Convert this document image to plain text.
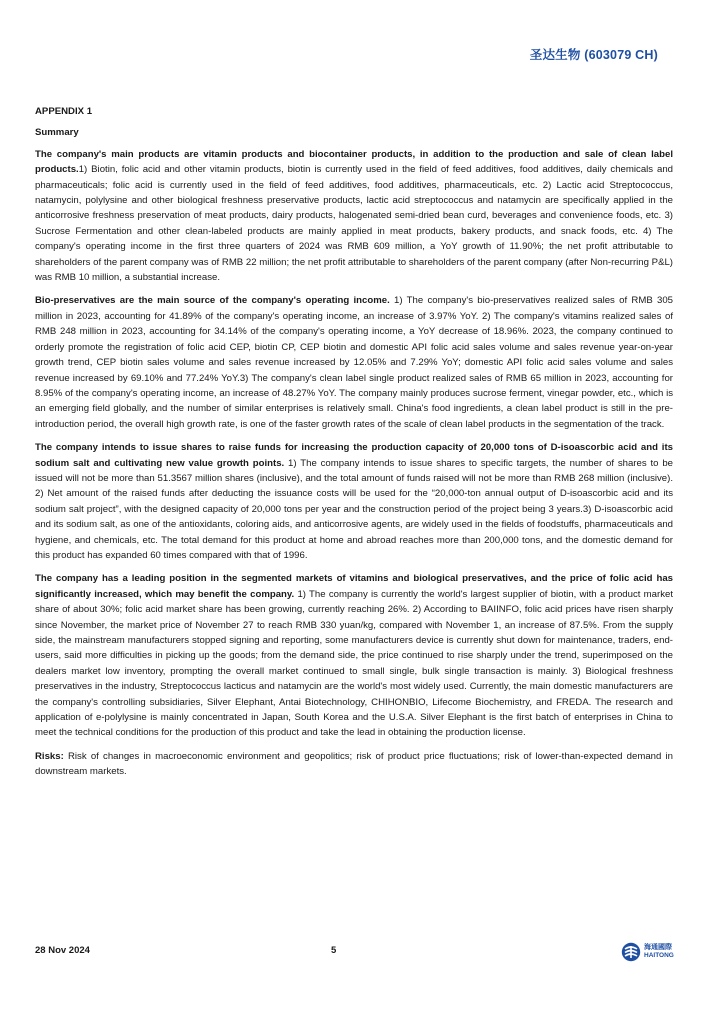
圣达生物 (603079 CH)
APPENDIX 1
Summary

The company's main products are vitamin products and biocontainer products, in addition to the production and sale of clean label products.1) Biotin, folic acid and other vitamin products, biotin is currently used in the field of feed additives, food additives, daily chemicals and pharmaceuticals; folic acid is currently used in the field of feed additives, food additives, pharmaceuticals, etc. 2) Lactic acid Streptococcus, natamycin, polylysine and other biological freshness preservative products, lactic acid streptococcus and natamycin are specifically applied in the anticorrosive freshness preservation of meat products, dairy products, halogenated semi-dried bean curd, beverages and convenience foods, etc. 3) Sucrose Fermentation and other clean-labeled products are mainly applied in meat products, bakery products, and snack foods, etc. 4) The company's operating income in the first three quarters of 2024 was RMB 609 million, a YoY growth of 11.90%; the net profit attributable to shareholders of the parent company was of RMB 22 million; the net profit attributable to shareholders of the parent company (after Non-recurring P&L) was RMB 10 million, a substantial increase.

Bio-preservatives are the main source of the company's operating income. 1) The company's bio-preservatives realized sales of RMB 305 million in 2023, accounting for 41.89% of the company's operating income, an increase of 3.97% YoY. 2) The company's vitamins realized sales of RMB 248 million in 2023, accounting for 34.14% of the company's operating income, a YoY decrease of 18.96%. 2023, the company continued to orderly promote the registration of folic acid CEP, biotin CP, CEP biotin and domestic API folic acid sales volume and sales revenue year-on-year growth trend, CEP biotin sales volume and sales revenue increased by 12.05% and 7.29% YoY; domestic API folic acid sales volume and sales revenue increased by 69.10% and 77.24% YoY.3) The company's clean label single product realized sales of RMB 65 million in 2023, accounting for 8.95% of the company's operating income, an increase of 48.27% YoY. The company mainly produces sucrose ferment, vinegar powder, etc., which is an emerging field globally, and the number of similar enterprises is relatively small. China's food ingredients, a clean label product is still in the pre-introduction period, the overall high growth rate, is one of the faster growth rates of the scale of clean label products in the segmentation of the track.

The company intends to issue shares to raise funds for increasing the production capacity of 20,000 tons of D-isoascorbic acid and its sodium salt and cultivating new value growth points. 1) The company intends to issue shares to specific targets, the number of shares to be issued will not be more than 51.3567 million shares (inclusive), and the total amount of funds raised will not be more than RMB 268 million (inclusive). 2) Net amount of the raised funds after deducting the issuance costs will be used for the “20,000-ton annual output of D-isoascorbic acid and its sodium salt project”, with the designed capacity of 20,000 tons per year and the construction period of the project being 3 years.3) D-isoascorbic acid and its sodium salt, as one of the antioxidants, coloring aids, and anticorrosive agents, are widely used in the fields of foodstuffs, pharmaceuticals and hygiene, and chemicals, etc. The total demand for this product at home and abroad reaches more than 200,000 tons, and the domestic demand for this product has expanded 60 times compared with that of 1996.

The company has a leading position in the segmented markets of vitamins and biological preservatives, and the price of folic acid has significantly increased, which may benefit the company. 1) The company is currently the world's largest supplier of biotin, with a product market share of about 30%; folic acid market share has been growing, currently reaching 26%. 2) According to BAIINFO, folic acid prices have risen sharply since November, the market price of November 27 to reach RMB 330 yuan/kg, compared with November 1, an increase of 87.5%. From the supply side, the mainstream manufacturers stopped signing and reporting, some manufacturers device is currently shut down for maintenance, traders, end-users, said more difficulties in picking up the goods; from the demand side, the price continued to rise sharply under the trend, superimposed on the dealers market low inventory, prompting the overall market continued to small single, bulk single transaction is mainly. 3) Biological freshness preservatives in the industry, Streptococcus lacticus and natamycin are the world's most widely used. Currently, the main domestic manufacturers are the company's controlling subsidiaries, Silver Elephant, Antai Biotechnology, CHIHONBIO, Lifecome Biochemistry, and FREDA. The research and application of e-polylysine is mainly concentrated in Japan, South Korea and the U.S.A. Silver Elephant is the first batch of enterprises in China to meet the technical conditions for the production of this product and take the lead in obtaining the production license.

Risks: Risk of changes in macroeconomic environment and geopolitics; risk of product price fluctuations; risk of lower-than-expected demand in downstream markets.

28 Nov 2024	5	海通國際
HAITONG
